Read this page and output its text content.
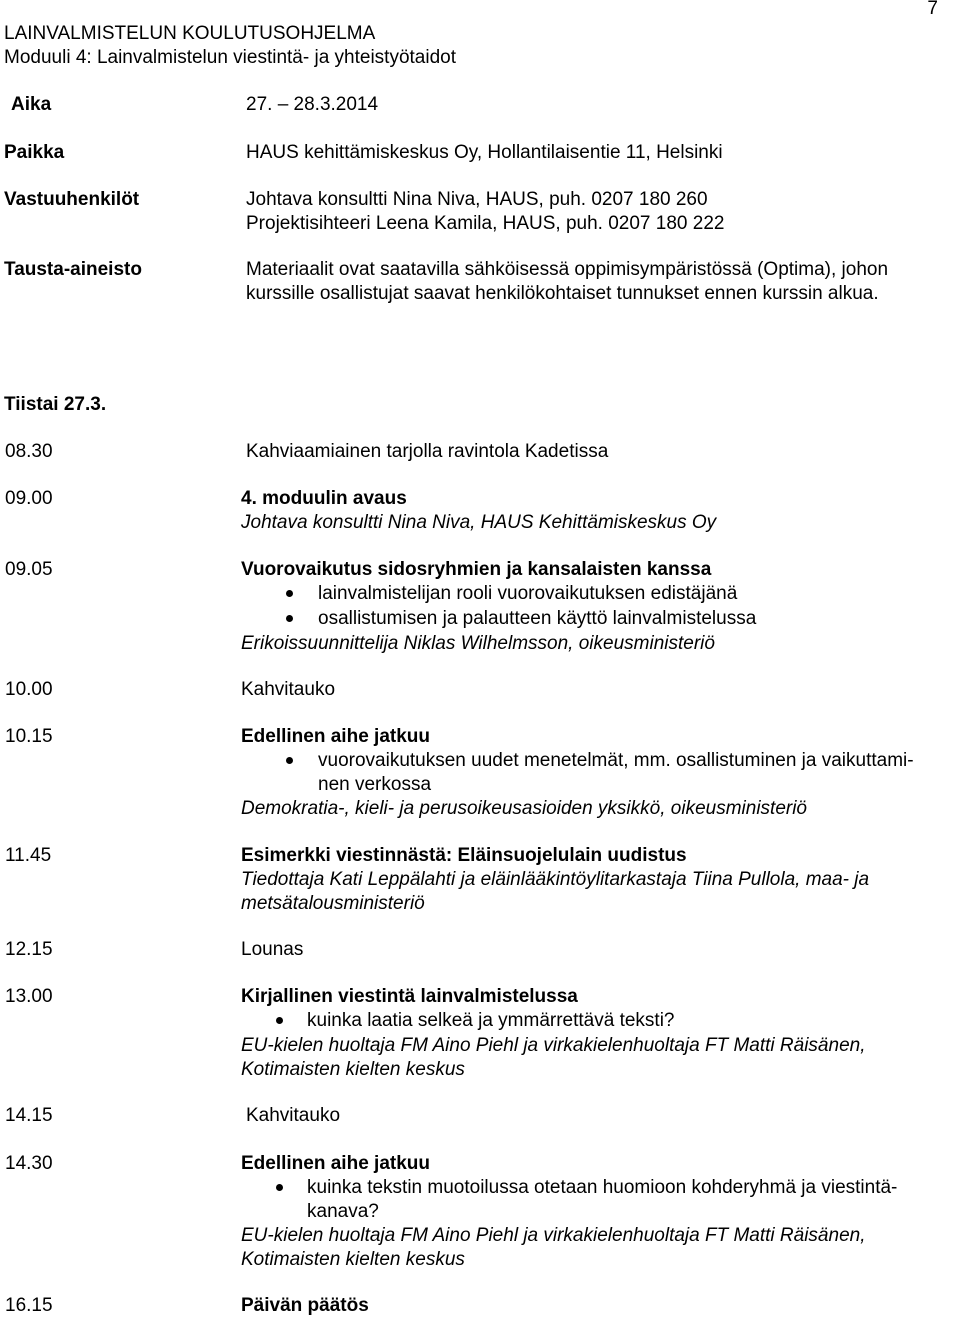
7
LAINVALMISTELUN KOULUTUSOHJELMA
Moduuli 4: Lainvalmistelun viestintä- ja yhteistyötaidot
Aika	27. – 28.3.2014
Paikka	HAUS kehittämiskeskus Oy, Hollantilaisentie 11, Helsinki
Vastuuhenkilöt	Johtava konsultti Nina Niva, HAUS, puh. 0207 180 260
Projektisihteeri Leena Kamila, HAUS, puh. 0207 180 222
Tausta-aineisto	Materiaalit ovat saatavilla sähköisessä oppimisympäristössä (Optima), johon
kurssille osallistujat saavat henkilökohtaiset tunnukset ennen kurssin alkua.
Tiistai 27.3.
08.30	Kahviaamiainen tarjolla ravintola Kadetissa
09.00	4. moduulin avaus
Johtava konsultti Nina Niva, HAUS Kehittämiskeskus Oy
09.05	Vuorovaikutus sidosryhmien ja kansalaisten kanssa
lainvalmistelijan rooli vuorovaikutuksen edistäjänä
osallistumisen ja palautteen käyttö lainvalmistelussa
Erikoissuunnittelija Niklas Wilhelmsson, oikeusministeriö
10.00	Kahvitauko
10.15	Edellinen aihe jatkuu
vuorovaikutuksen uudet menetelmät, mm. osallistuminen ja vaikuttami-
nen verkossa
Demokratia-, kieli- ja perusoikeusasioiden yksikkö, oikeusministeriö
11.45	Esimerkki viestinnästä: Eläinsuojelulain uudistus
Tiedottaja Kati Leppälahti ja eläinlääkintöylitarkastaja Tiina Pullola, maa- ja
metsätalousministeriö
12.15	Lounas
13.00	Kirjallinen viestintä lainvalmistelussa
kuinka laatia selkeä ja ymmärrettävä teksti?
EU-kielen huoltaja FM Aino Piehl ja virkakielenhuoltaja FT Matti Räisänen,
Kotimaisten kielten keskus
14.15	Kahvitauko
14.30	Edellinen aihe jatkuu
kuinka tekstin muotoilussa otetaan huomioon kohderyhmä ja viestintä-
kanava?
EU-kielen huoltaja FM Aino Piehl ja virkakielenhuoltaja FT Matti Räisänen,
Kotimaisten kielten keskus
16.15	Päivän päätös
